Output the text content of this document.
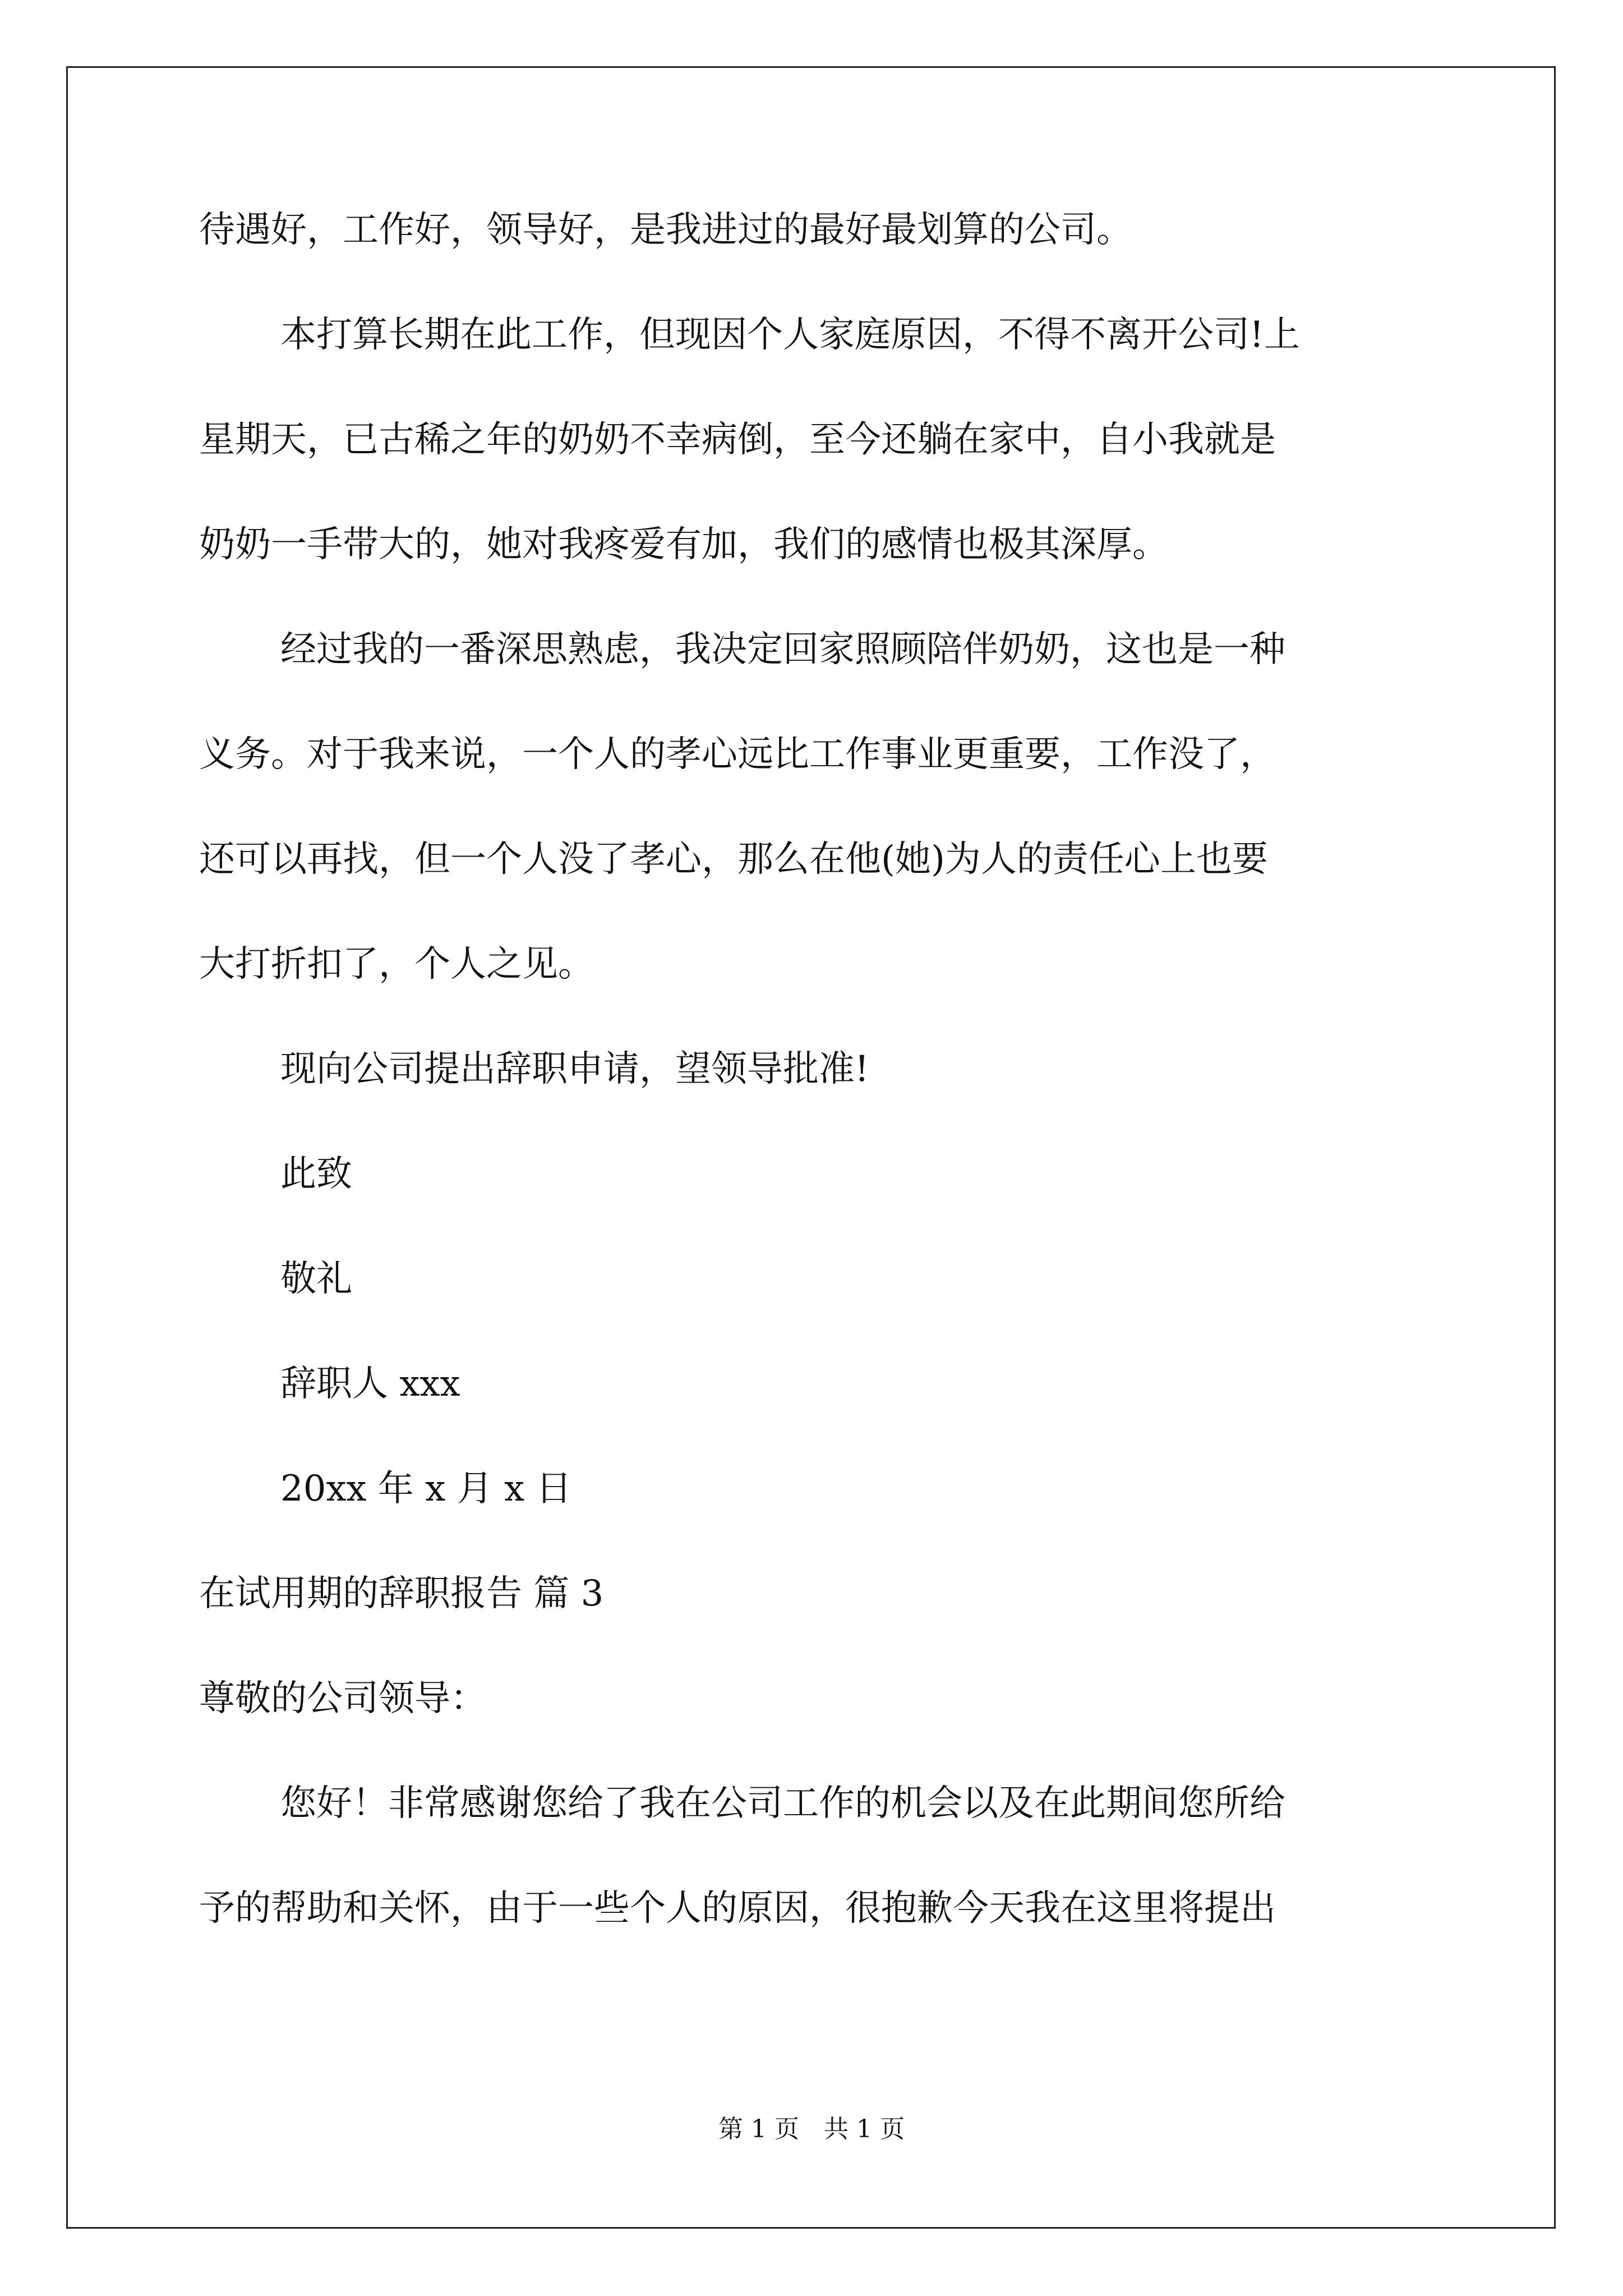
待遇好，工作好，领导好，是我进过的最好最划算的公司。
本打算长期在此工作，但现因个人家庭原因，不得不离开公司!上
星期天，已古稀之年的奶奶不幸病倒，至今还躺在家中，自小我就是
奶奶一手带大的，她对我疼爱有加，我们的感情也极其深厚。
经过我的一番深思熟虑，我决定回家照顾陪伴奶奶，这也是一种
义务。对于我来说，一个人的孝心远比工作事业更重要，工作没了，
还可以再找，但一个人没了孝心，那么在他(她)为人的责任心上也要
大打折扣了，个人之见。
现向公司提出辞职申请，望领导批准!
此致
敬礼
辞职人 xxx
20xx 年 x 月 x 日
在试用期的辞职报告 篇 3
尊敬的公司领导：
您好！非常感谢您给了我在公司工作的机会以及在此期间您所给
予的帮助和关怀，由于一些个人的原因，很抱歉今天我在这里将提出
第 1 页　共 1 页
